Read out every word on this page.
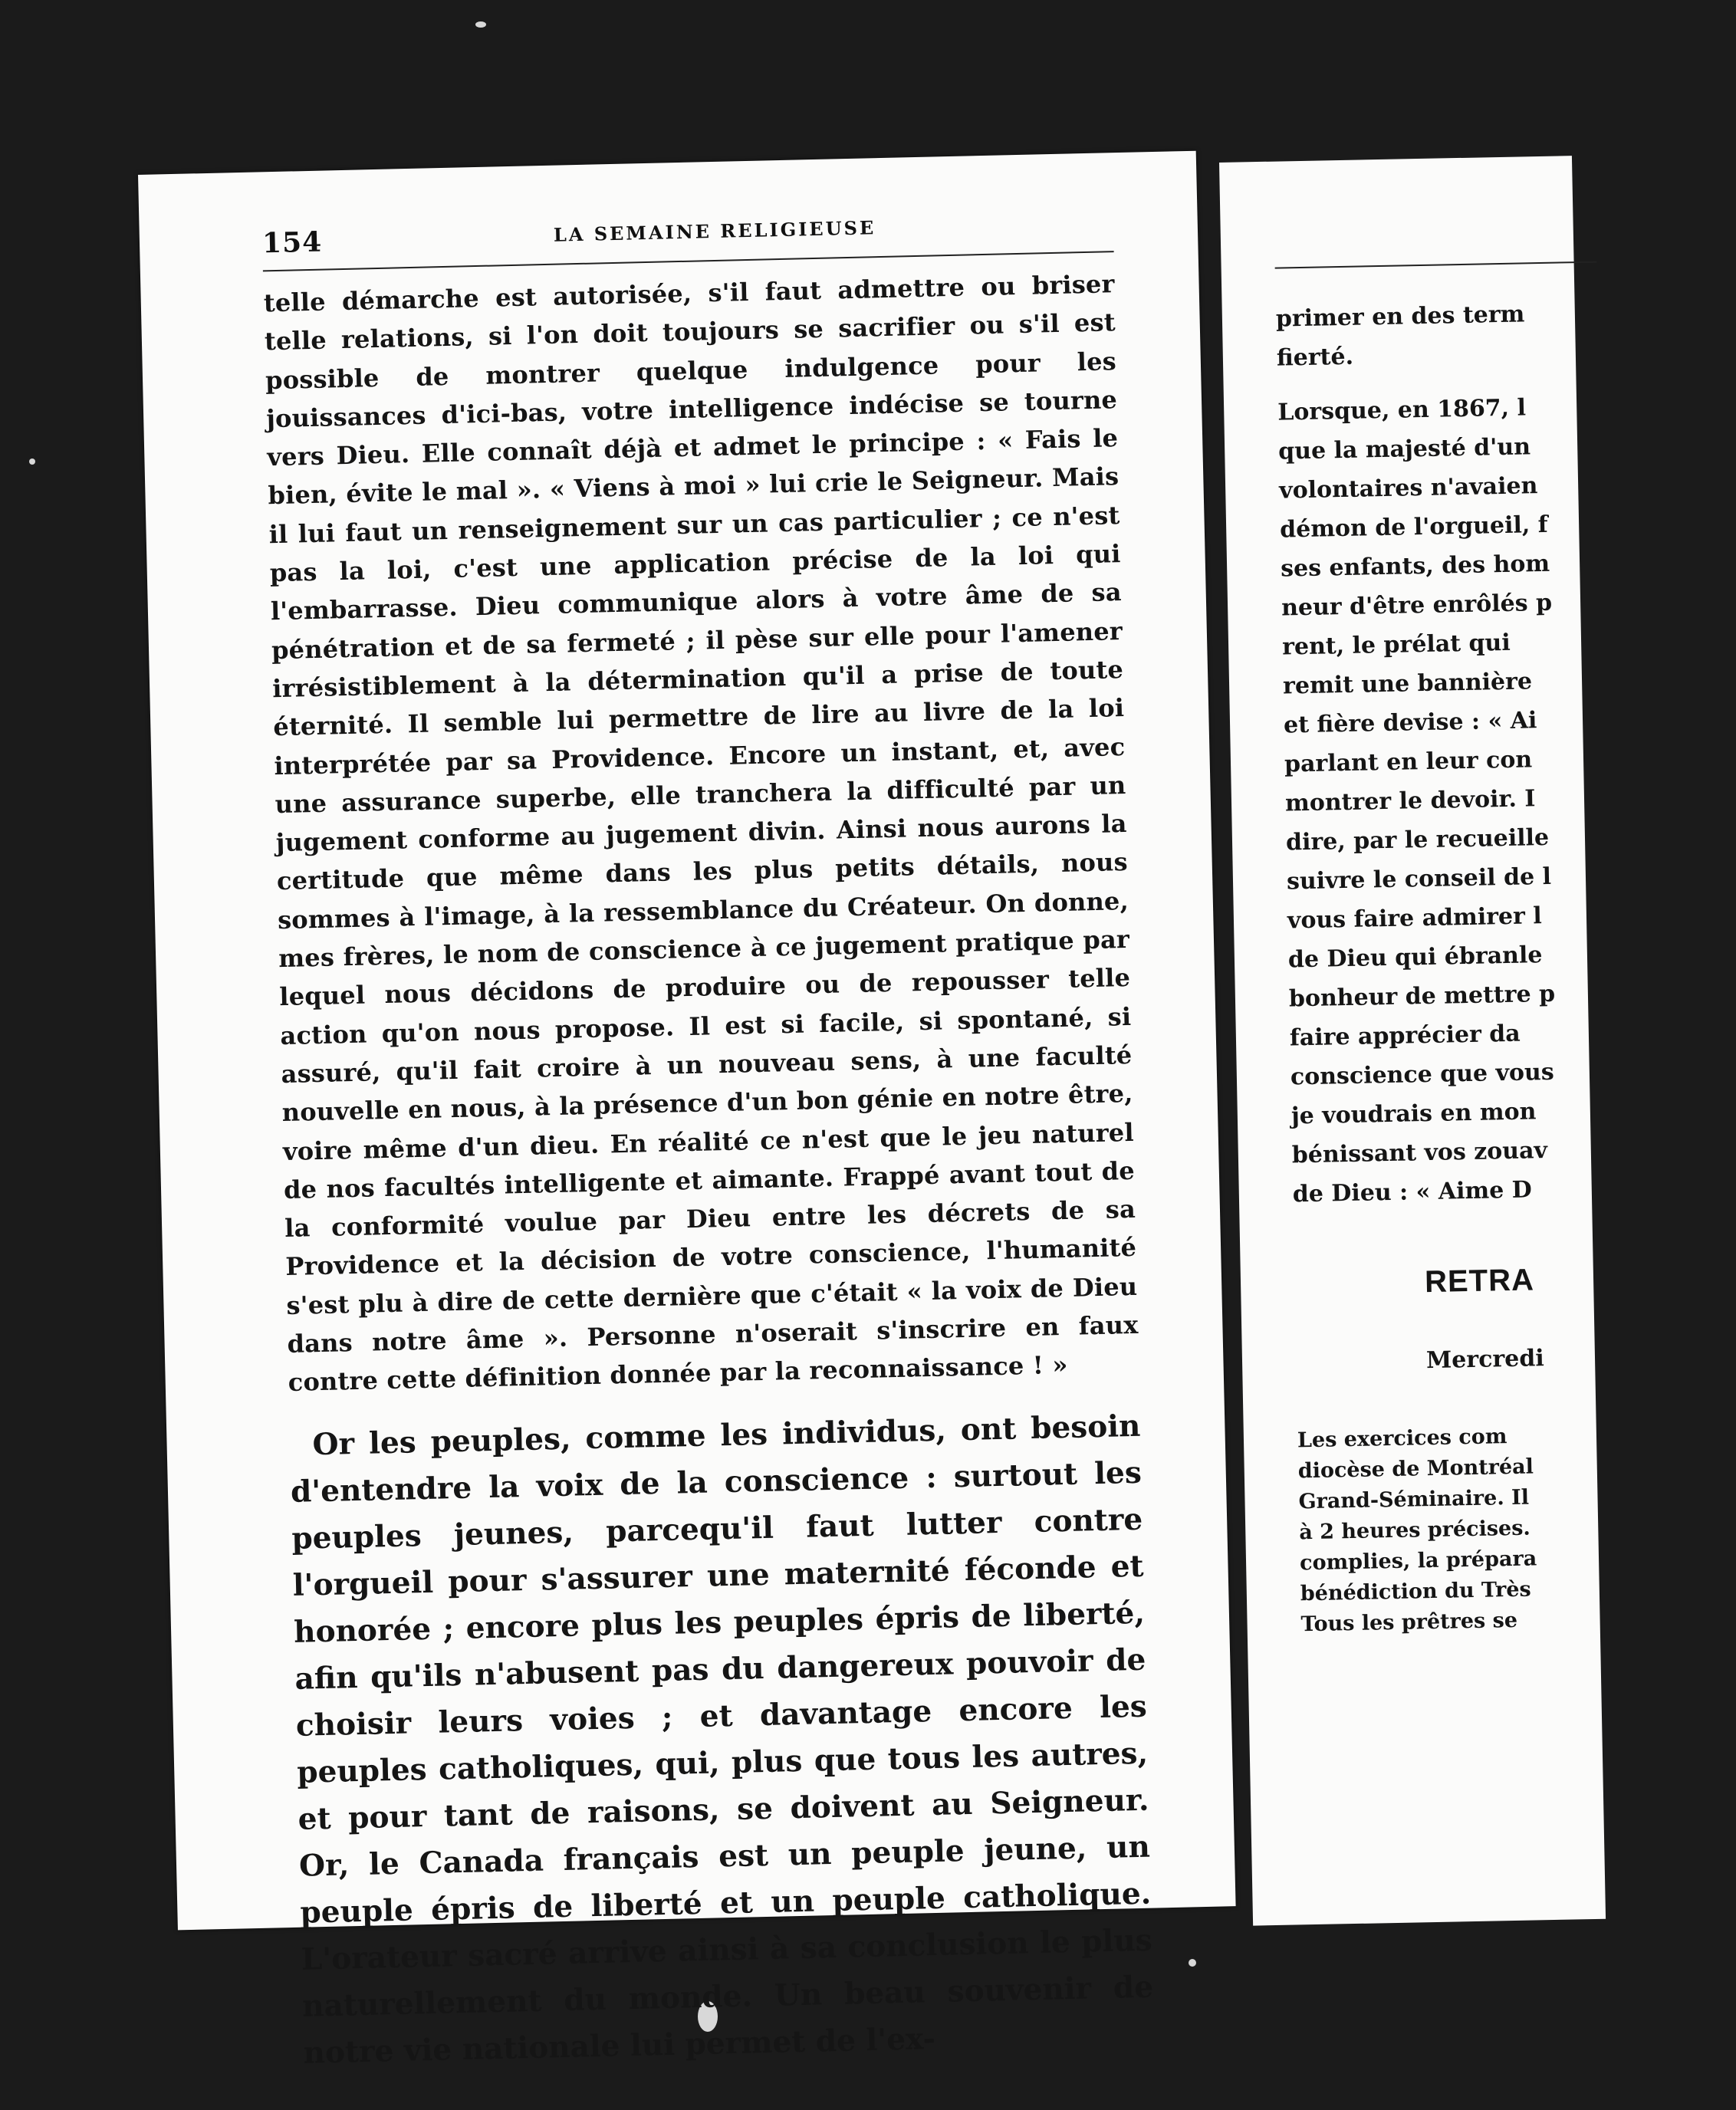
154	LA SEMAINE RELIGIEUSE

telle démarche est autorisée, s'il faut admettre ou briser telle relations, si l'on doit toujours se sacrifier ou s'il est possible de montrer quelque indulgence pour les jouissances d'ici-bas, votre intelligence indécise se tourne vers Dieu. Elle connaît déjà et admet le principe : « Fais le bien, évite le mal ». « Viens à moi » lui crie le Seigneur. Mais il lui faut un renseignement sur un cas particulier ; ce n'est pas la loi, c'est une application précise de la loi qui l'embarrasse. Dieu communique alors à votre âme de sa pénétration et de sa fermeté ; il pèse sur elle pour l'amener irrésistiblement à la détermination qu'il a prise de toute éternité. Il semble lui permettre de lire au livre de la loi interprétée par sa Providence. Encore un instant, et, avec une assurance superbe, elle tranchera la difficulté par un jugement conforme au jugement divin. Ainsi nous aurons la certitude que même dans les plus petits détails, nous sommes à l'image, à la ressemblance du Créateur. On donne, mes frères, le nom de conscience à ce jugement pratique par lequel nous décidons de produire ou de repousser telle action qu'on nous propose. Il est si facile, si spontané, si assuré, qu'il fait croire à un nouveau sens, à une faculté nouvelle en nous, à la présence d'un bon génie en notre être, voire même d'un dieu. En réalité ce n'est que le jeu naturel de nos facultés intelligente et aimante. Frappé avant tout de la conformité voulue par Dieu entre les décrets de sa Providence et la décision de votre conscience, l'humanité s'est plu à dire de cette dernière que c'était « la voix de Dieu dans notre âme ». Personne n'oserait s'inscrire en faux contre cette définition donnée par la reconnaissance ! »

Or les peuples, comme les individus, ont besoin d'entendre la voix de la conscience : surtout les peuples jeunes, parcequ'il faut lutter contre l'orgueil pour s'assurer une maternité féconde et honorée ; encore plus les peuples épris de liberté, afin qu'ils n'abusent pas du dangereux pouvoir de choisir leurs voies ; et davantage encore les peuples catholiques, qui, plus que tous les autres, et pour tant de raisons, se doivent au Seigneur. Or, le Canada français est un peuple jeune, un peuple épris de liberté et un peuple catholique. L'orateur sacré arrive ainsi à sa conclusion le plus naturellement du monde. Un beau souvenir de notre vie nationale lui permet de l'ex-

primer en des term
fierté.
Lorsque, en 1867, l
que la majesté d'un
volontaires n'avaien
démon de l'orgueil, f
ses enfants, des hom
neur d'être enrôlés p
rent, le prélat qui
remit une bannière
et fière devise : « Ai
parlant en leur con
montrer le devoir. I
dire, par le recueille
suivre le conseil de l
vous faire admirer l
de Dieu qui ébranle
bonheur de mettre p
faire apprécier da
conscience que vous
je voudrais en mon
bénissant vos zouav
de Dieu : « Aime D
RETRA
Mercredi
Les exercices com
diocèse de Montréal
Grand-Séminaire. Il
à 2 heures précises.
complies, la prépara
bénédiction du Très
Tous les prêtres se
